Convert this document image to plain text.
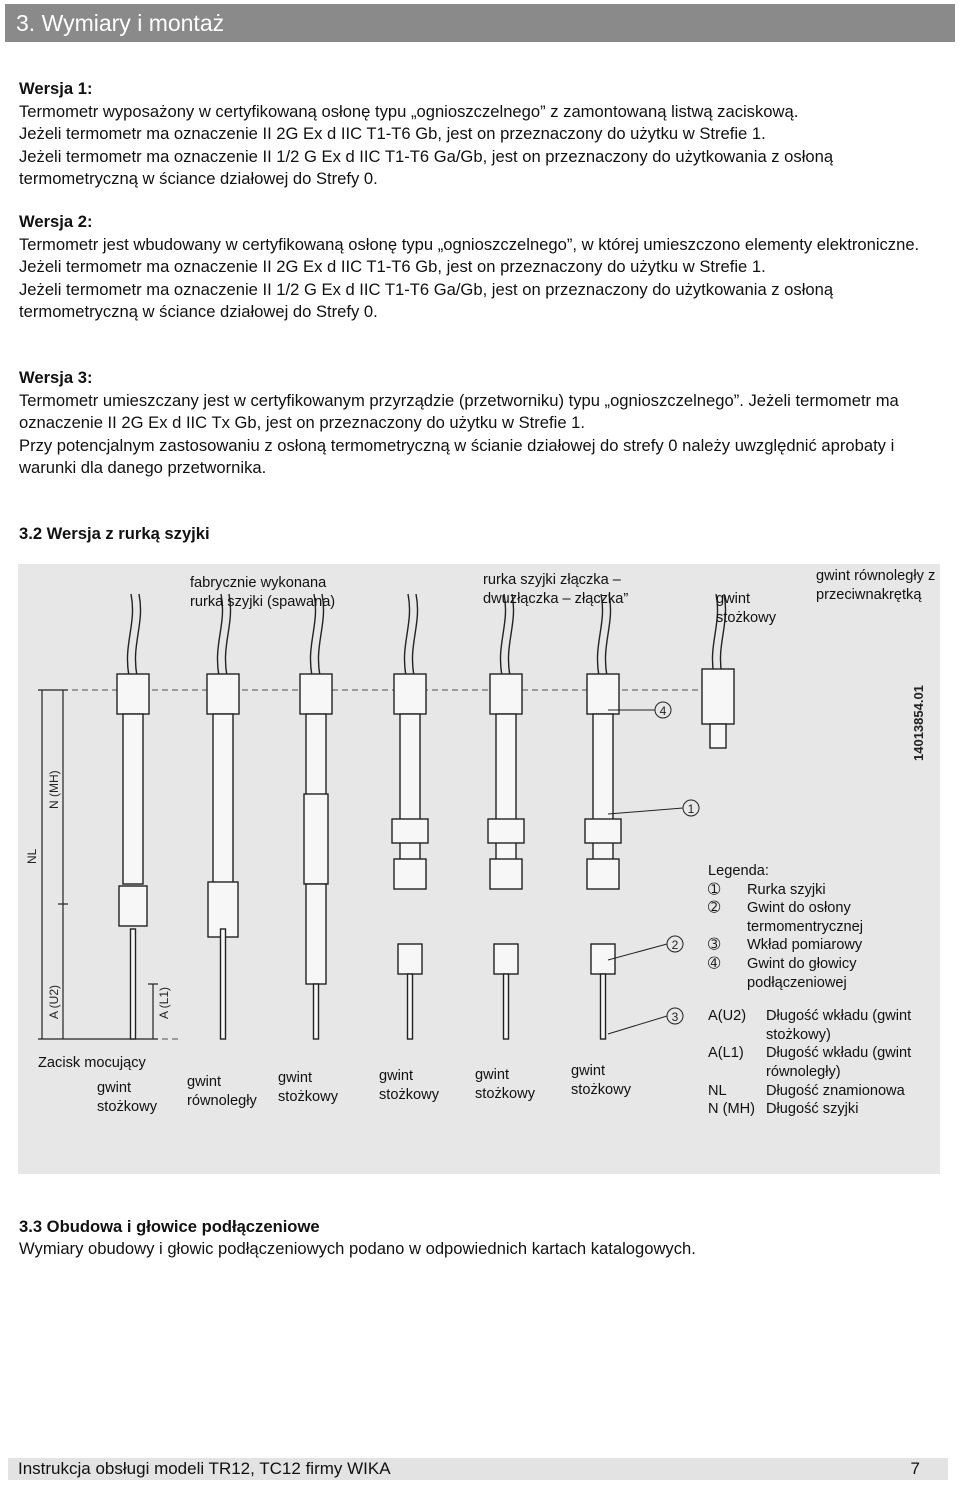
3. Wymiary i montaż

Wersja 1:

Termometr wyposażony w certyfikowaną osłonę typu „ognioszczelnego” z zamontowaną listwą zaciskową.

Jeżeli termometr ma oznaczenie II 2G Ex d IIC T1-T6 Gb, jest on przeznaczony do użytku w Strefie 1.

Jeżeli termometr ma oznaczenie II 1/2 G Ex d IIC T1-T6 Ga/Gb, jest on przeznaczony do użytkowania z osłoną termometryczną w ściance działowej do Strefy 0.

Wersja 2:

Termometr jest wbudowany w certyfikowaną osłonę typu „ognioszczelnego”, w której umieszczono elementy elektroniczne. Jeżeli termometr ma oznaczenie II 2G Ex d IIC T1-T6 Gb, jest on przeznaczony do użytku w Strefie 1.

Jeżeli termometr ma oznaczenie II 1/2 G Ex d IIC T1-T6 Ga/Gb, jest on przeznaczony do użytkowania z osłoną termometryczną w ściance działowej do Strefy 0.

Wersja 3:

Termometr umieszczany jest w certyfikowanym przyrządzie (przetworniku) typu „ognioszczelnego”. Jeżeli termometr ma oznaczenie II 2G Ex d IIC Tx Gb, jest on przeznaczony do użytku w Strefie 1.

Przy potencjalnym zastosowaniu z osłoną termometryczną w ścianie działowej do strefy 0 należy uwzględnić aprobaty i warunki dla danego przetwornika.

3.2 Wersja z rurką szyjki
1
2
3
4
NL
N (MH)
A (U2)	A (L1)
14013854.01
fabrycznie wykonana rurka szyjki (spawana)
rurka szyjki złączka – dwuzłączka – złączka”	gwint stożkowy
gwint równoległy z przeciwnakrętką
Zacisk mocujący
gwint stożkowy
gwint równoległy
gwint stożkowy
gwint stożkowy
gwint stożkowy
gwint stożkowy
Legenda:
➀	Rurka szyjki
➁	Gwint do osłony termomentrycznej
➂	Wkład pomiarowy
➃	Gwint do głowicy podłączeniowej
A(U2)	Długość wkładu (gwint stożkowy)
A(L1)	Długość wkładu (gwint równoległy)
NL	Długość znamionowa
N (MH) Długość szyjki
3.3 Obudowa i głowice podłączeniowe

Wymiary obudowy i głowic podłączeniowych podano w odpowiednich kartach katalogowych.

Instrukcja obsługi modeli TR12, TC12 firmy WIKA	7
